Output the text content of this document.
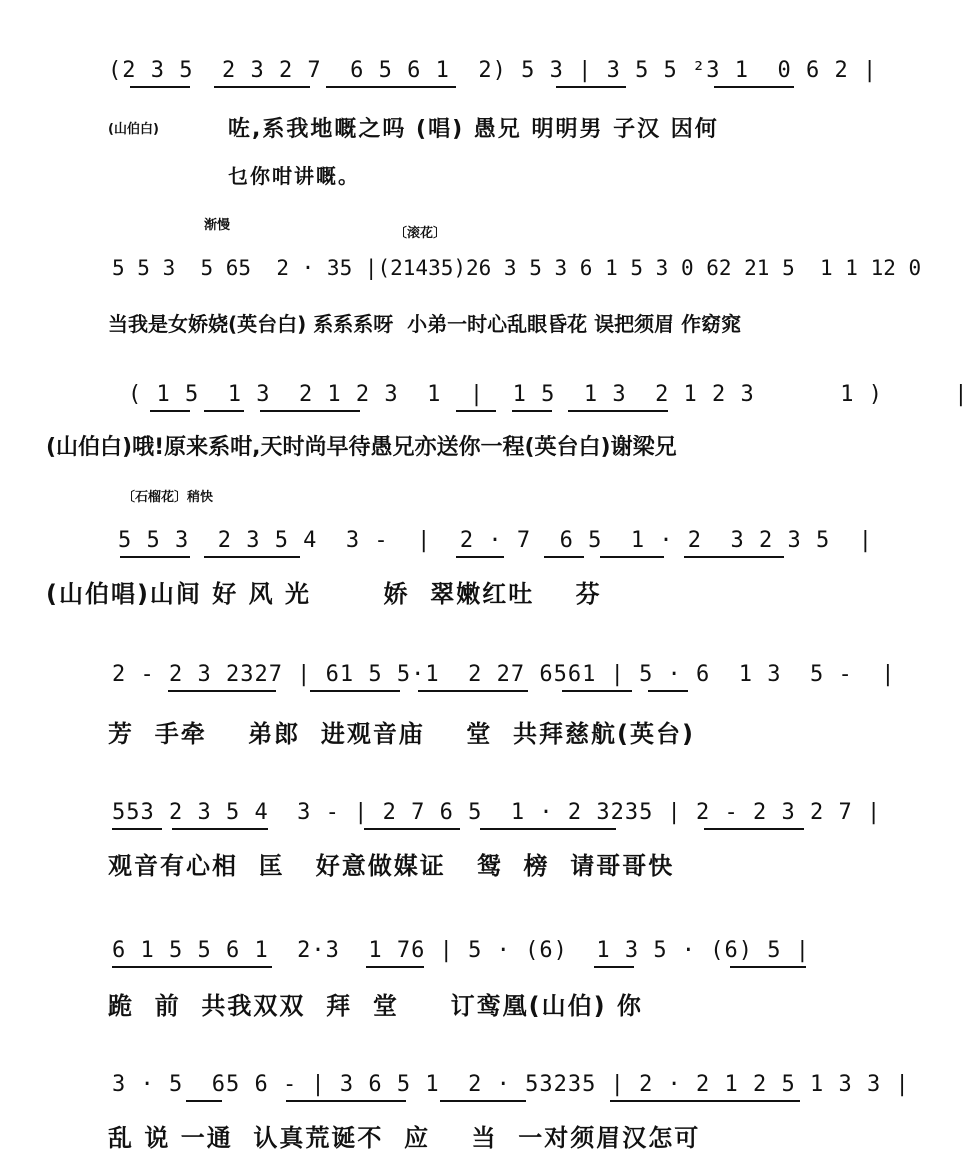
(2 3 5  2 3 2 7  6 5 6 1  2) 5 3 | 3 5 5 ²3 1  0 6 2 |
(山伯白)	咗,系我地嘅之吗 (唱) 愚兄 明明男 子汉 因何
乜你咁讲嘅。
渐慢
〔滚花〕
5 5 3  5 65  2 · 35 |(21435)26 3 5 3 6 1 5 3 0 62 21 5  1 1 12 0
当我是女娇娆(英台白) 系系系呀  小弟一时心乱眼昏花 误把须眉 作窈窕
( 1 5  1 3  2 1 2 3  1  |  1 5  1 3  2 1 2 3      1 )     |
(山伯白)哦!原来系咁,天时尚早待愚兄亦送你一程(英台白)谢梁兄
〔石榴花〕稍快
5 5 3  2 3 5 4  3 -  |  2 · 7  6 5  1 · 2  3 2 3 5  |
(山伯唱)山间 好 风 光       娇  翠嫩红吐    芬
2 - 2 3 2327 | 61 5 5·1  2 27 6561 | 5 · 6  1 3  5 -  |
芳  手牵    弟郎  进观音庙    堂  共拜慈航(英台)
553 2 3 5 4  3 - | 2 7 6 5  1 · 2 3235 | 2 - 2 3 2 7 |
观音有心相  匡   好意做媒证   鸳  榜  请哥哥快
6 1 5 5 6 1  2·3  1 76 | 5 · (6)  1 3 5 · (6) 5 |
跪  前  共我双双  拜  堂     订鸾凰(山伯) 你
3 · 5  65 6 - | 3 6 5 1  2 · 53235 | 2 · 2 1 2 5 1 3 3 |
乱 说 一通  认真荒诞不  应    当  一对须眉汉怎可
